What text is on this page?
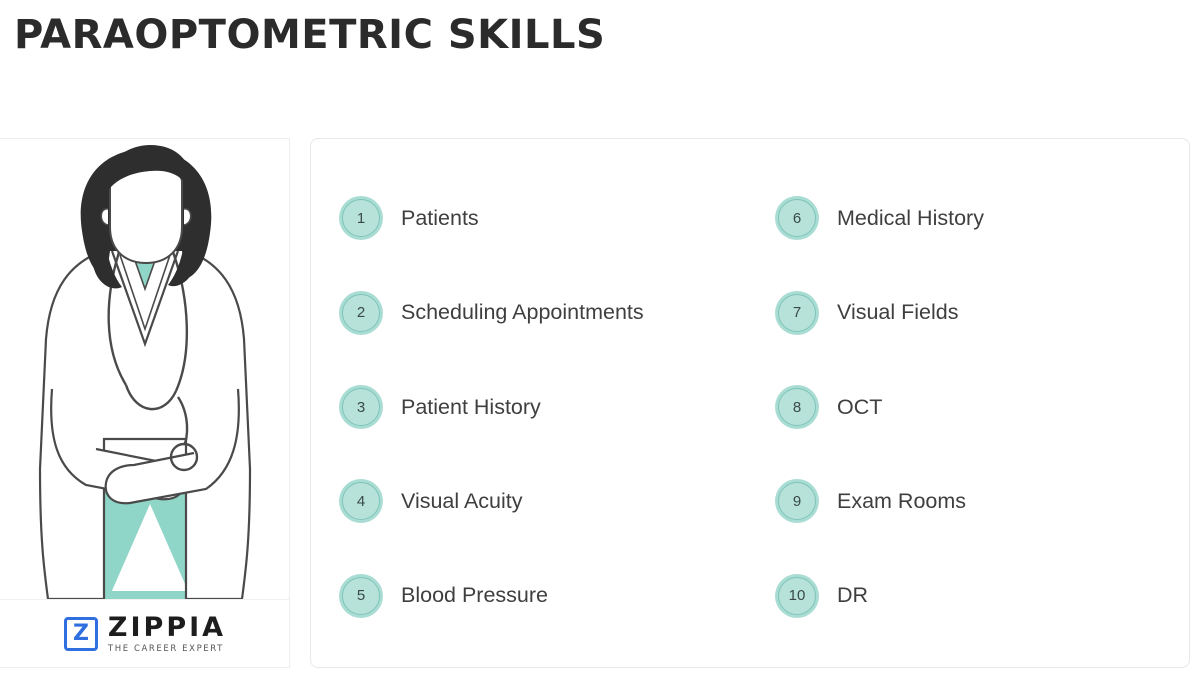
PARAOPTOMETRIC SKILLS
Z ZIPPIA
THE CAREER EXPERT
1	Patients
2	Scheduling Appointments
3	Patient History
4	Visual Acuity
5	Blood Pressure
6	Medical History
7	Visual Fields
8	OCT
9	Exam Rooms
10	DR
